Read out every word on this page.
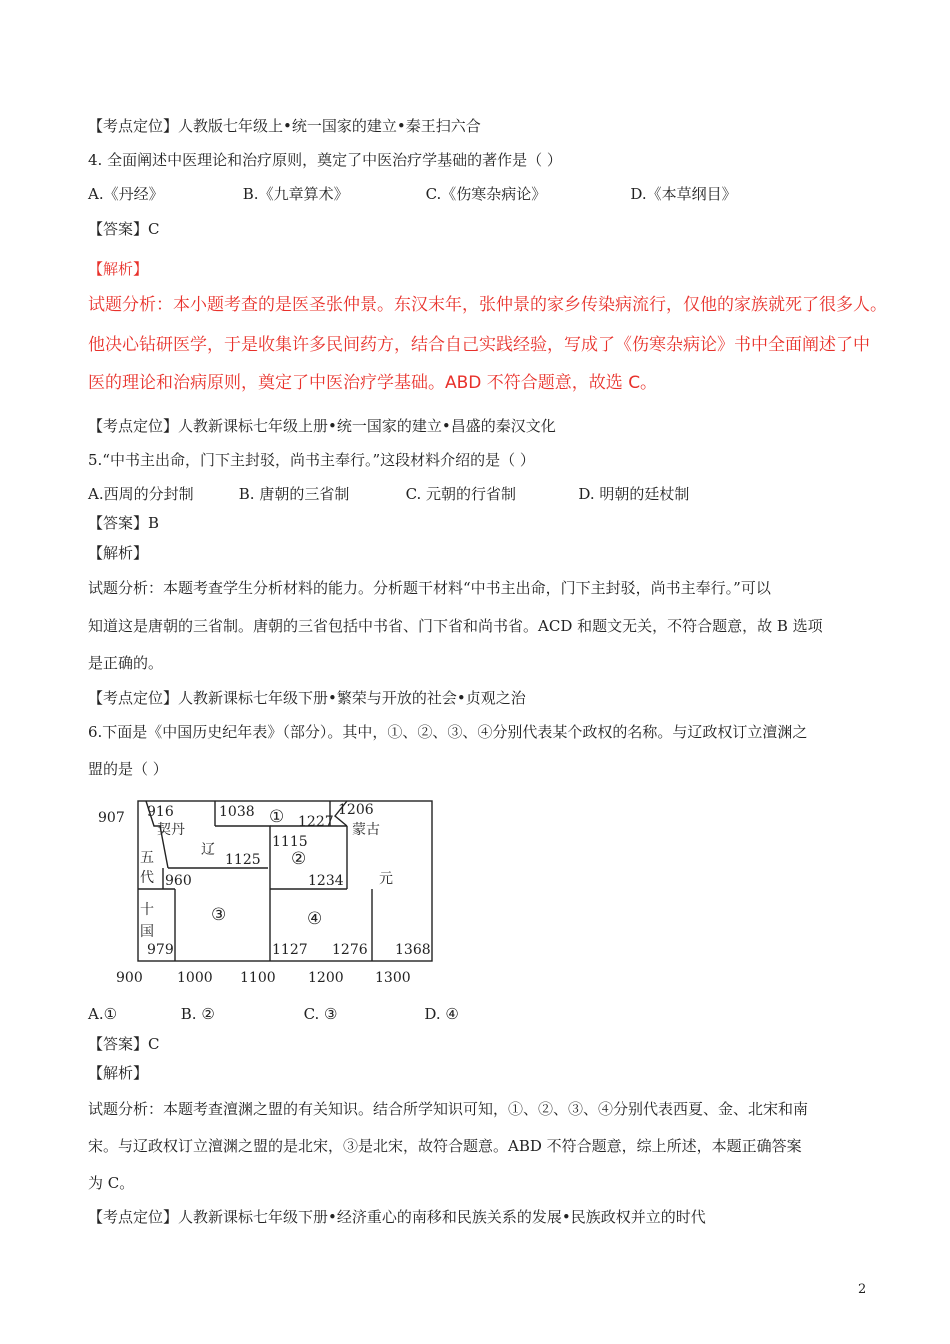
【考点定位】人教版七年级上•统一国家的建立•秦王扫六合
4. 全面阐述中医理论和治疗原则，奠定了中医治疗学基础的著作是（ ）
A.《丹经》	B.《九章算术》	C.《伤寒杂病论》	D.《本草纲目》
【答案】C
【解析】
试题分析：本小题考查的是医圣张仲景。东汉末年，张仲景的家乡传染病流行，仅他的家族就死了很多人。
他决心钻研医学，于是收集许多民间药方，结合自己实践经验，写成了《伤寒杂病论》书中全面阐述了中
医的理论和治病原则，奠定了中医治疗学基础。ABD 不符合题意，故选 C。
【考点定位】人教新课标七年级上册•统一国家的建立•昌盛的秦汉文化
5.“中书主出命，门下主封驳，尚书主奉行。”这段材料介绍的是（ ）
A.西周的分封制	B. 唐朝的三省制	C. 元朝的行省制	D. 明朝的廷杖制
【答案】B
【解析】
试题分析：本题考查学生分析材料的能力。分析题干材料“中书主出命，门下主封驳，尚书主奉行。”可以
知道这是唐朝的三省制。唐朝的三省包括中书省、门下省和尚书省。ACD 和题文无关，不符合题意，故 B 选项
是正确的。
【考点定位】人教新课标七年级下册•繁荣与开放的社会•贞观之治
6.下面是《中国历史纪年表》（部分）。其中，①、②、③、④分别代表某个政权的名称。与辽政权订立澶渊之
盟的是（ ）
907 916	1038 ① 1227
1206
契丹	蒙古
1115
辽	②
1125
五
代 960	1234	元
十
国
③	④
979	1127 1276 1368
900 1000 1100 1200 1300
A.①	B. ②	C. ③	D. ④
【答案】C
【解析】
试题分析：本题考查澶渊之盟的有关知识。结合所学知识可知，①、②、③、④分别代表西夏、金、北宋和南
宋。与辽政权订立澶渊之盟的是北宋，③是北宋，故符合题意。ABD 不符合题意，综上所述，本题正确答案
为 C。
【考点定位】人教新课标七年级下册•经济重心的南移和民族关系的发展•民族政权并立的时代
2
